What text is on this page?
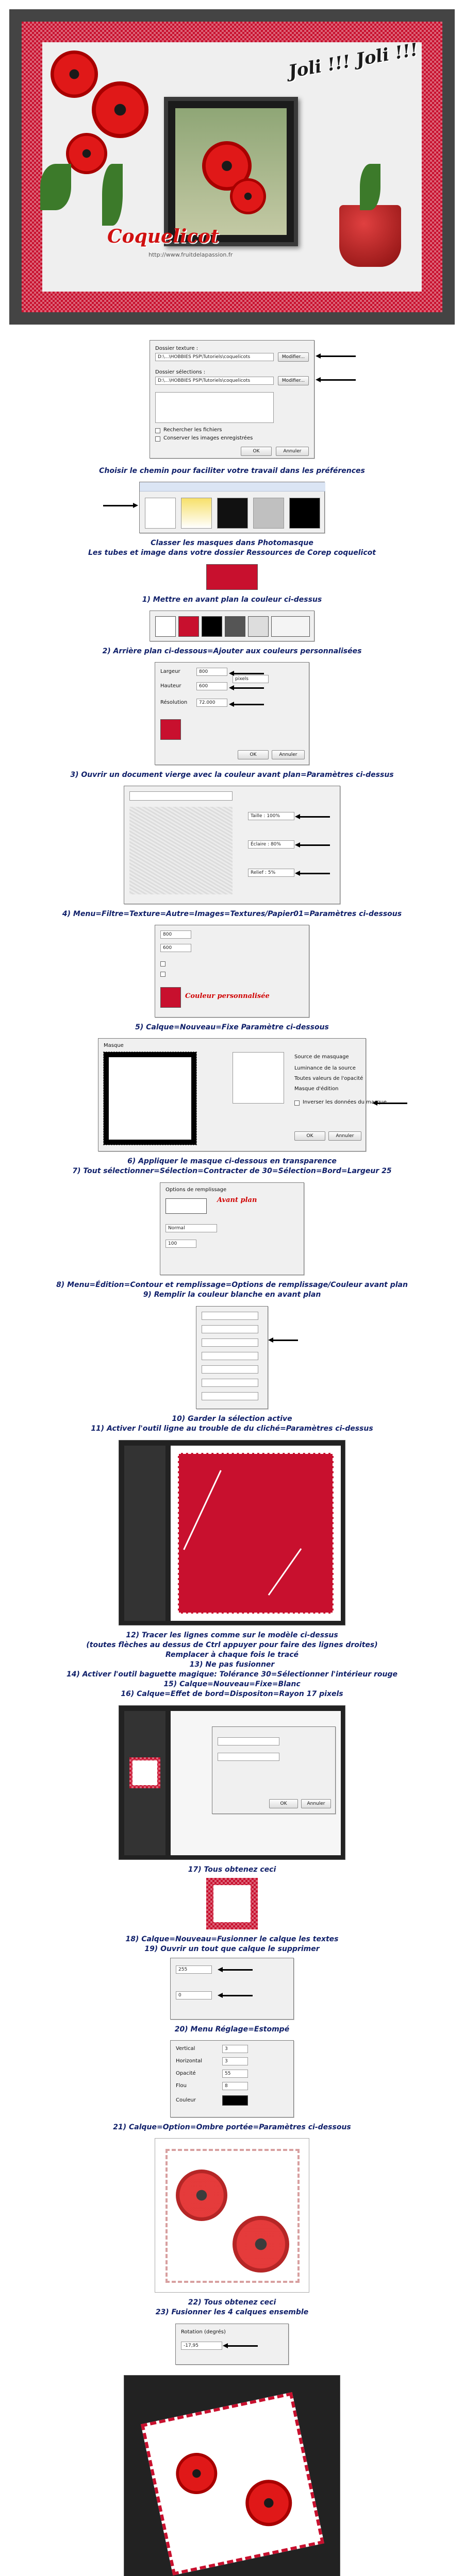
Joli !!! Joli !!!
Coquelicot
http://www.fruitdelapassion.fr
Dossier texture :
D:\...\HOBBIES PSP\Tutoriels\coquelicots	Modifier...
Dossier sélections :
D:\...\HOBBIES PSP\Tutoriels\coquelicots	Modifier...
Rechercher les fichiers
Conserver les images enregistrées
OK	Annuler
Choisir le chemin pour faciliter votre travail dans les préférences
Classer les masques dans Photomasque
Les tubes et image dans votre dossier Ressources de Corep coquelicot
1) Mettre en avant plan la couleur ci-dessus
2) Arrière plan ci-dessous=Ajouter aux couleurs personnalisées
Largeur	800
Hauteur	600
pixels
Résolution	72.000
OK	Annuler
3) Ouvrir un document vierge avec la couleur avant plan=Paramètres ci-dessus
Taille : 100%
Éclaire : 80%
Relief : 5%
4) Menu=Filtre=Texture=Autre=Images=Textures/Papier01=Paramètres ci-dessous
800
600
Couleur personnalisée
5) Calque=Nouveau=Fixe Paramètre ci-dessous
Masque
Source de masquage
Luminance de la source
Toutes valeurs de l'opacité
Masque d'édition
Inverser les données du masque
OK	Annuler
6) Appliquer le masque ci-dessous en transparence
7) Tout sélectionner=Sélection=Contracter de 30=Sélection=Bord=Largeur 25
Options de remplissage
Avant plan
Normal
100
8) Menu=Édition=Contour et remplissage=Options de remplissage/Couleur avant plan
9) Remplir la couleur blanche en avant plan
10) Garder la sélection active
11) Activer l'outil ligne au trouble de du cliché=Paramètres ci-dessus
12) Tracer les lignes comme sur le modèle ci-dessus
(toutes flèches au dessus de Ctrl appuyer pour faire des lignes droites)
Remplacer à chaque fois le tracé
13) Ne pas fusionner
14) Activer l'outil baguette magique: Tolérance 30=Sélectionner l'intérieur rouge
15) Calque=Nouveau=Fixe=Blanc
16) Calque=Effet de bord=Dispositon=Rayon 17 pixels
OK	Annuler
17) Tous obtenez ceci
18) Calque=Nouveau=Fusionner le calque les textes
19) Ouvrir un tout que calque le supprimer
255
0
20) Menu Réglage=Estompé
Vertical	3
Horizontal	3
Opacité	55
Flou	8
Couleur
21) Calque=Option=Ombre portée=Paramètres ci-dessous
22) Tous obtenez ceci
23) Fusionner les 4 calques ensemble
Rotation (degrés)
-17,95
